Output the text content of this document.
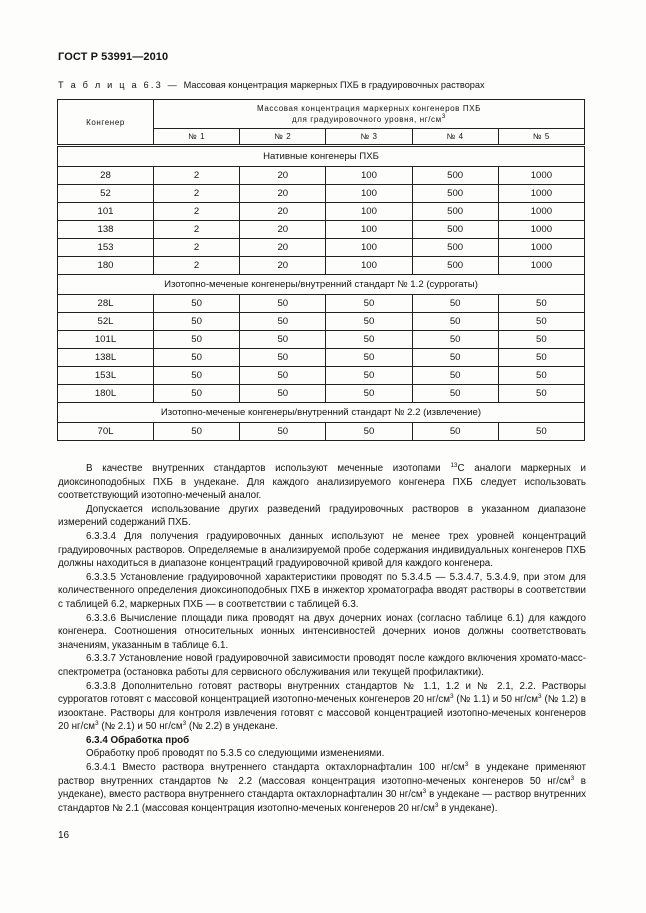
ГОСТ Р 53991—2010
Т а б л и ц а 6.3 — Массовая концентрация маркерных ПХБ в градуировочных растворах
Конгенер	Массовая концентрация маркерных конгенеров ПХБ
для градуировочного уровня, $нг/см^3$
	№ 1	№ 2	№ 3	№ 4	№ 5
Нативные конгенеры ПХБ					
28	2	20	100	500	1000
52	2	20	100	500	1000
101	2	20	100	500	1000
138	2	20	100	500	1000
153	2	20	100	500	1000
180	2	20	100	500	1000
Изотопно-меченые конгенеры/внутренний стандарт № 1.2 (суррогаты)					
28L	50	50	50	50	50
52L	50	50	50	50	50
101L	50	50	50	50	50
138L	50	50	50	50	50
153L	50	50	50	50	50
180L	50	50	50	50	50
Изотопно-меченые конгенеры/внутренний стандарт № 2.2 (извлечение)					
70L	50	50	50	50	50

В качестве внутренних стандартов используют меченные изотопами $^{13}$C аналоги маркерных и диоксиноподобных ПХБ в ундекане. Для каждого анализируемого конгенера ПХБ следует использовать соответствующий изотопно-меченый аналог.

Допускается использование других разведений градуировочных растворов в указанном диапазоне измерений содержаний ПХБ.

6.3.3.4 Для получения градуировочных данных используют не менее трех уровней концентраций градуировочных растворов. Определяемые в анализируемой пробе содержания индивидуальных конгенеров ПХБ должны находиться в диапазоне концентраций градуировочной кривой для каждого конгенера.

6.3.3.5 Установление градуировочной характеристики проводят по 5.3.4.5 — 5.3.4.7, 5.3.4.9, при этом для количественного определения диоксиноподобных ПХБ в инжектор хроматографа вводят растворы в соответствии с таблицей 6.2, маркерных ПХБ — в соответствии с таблицей 6.3.

6.3.3.6 Вычисление площади пика проводят на двух дочерних ионах (согласно таблице 6.1) для каждого конгенера. Соотношения относительных ионных интенсивностей дочерних ионов должны соответствовать значениям, указанным в таблице 6.1.

6.3.3.7 Установление новой градуировочной зависимости проводят после каждого включения хромато-масс-спектрометра (остановка работы для сервисного обслуживания или текущей профилактики).

6.3.3.8 Дополнительно готовят растворы внутренних стандартов № 1.1, 1.2 и № 2.1, 2.2. Растворы суррогатов готовят с массовой концентрацией изотопно-меченых конгенеров 20 $нг/см^3$ (№ 1.1) и 50 $нг/см^3$ (№ 1.2) в изооктане. Растворы для контроля извлечения готовят с массовой концентрацией изотопно-меченых конгенеров 20 $нг/см^3$ (№ 2.1) и 50 $нг/см^3$ (№ 2.2) в ундекане.

6.3.4 Обработка проб

Обработку проб проводят по 5.3.5 со следующими изменениями.

6.3.4.1 Вместо раствора внутреннего стандарта октахлорнафталин 100 $нг/см^3$ в ундекане применяют раствор внутренних стандартов № 2.2 (массовая концентрация изотопно-меченых конгенеров 50 $нг/см^3$ в ундекане), вместо раствора внутреннего стандарта октахлорнафталин 30 $нг/см^3$ в ундекане — раствор внутренних стандартов № 2.1 (массовая концентрация изотопно-меченых конгенеров 20 $нг/см^3$ в ундекане).

16
